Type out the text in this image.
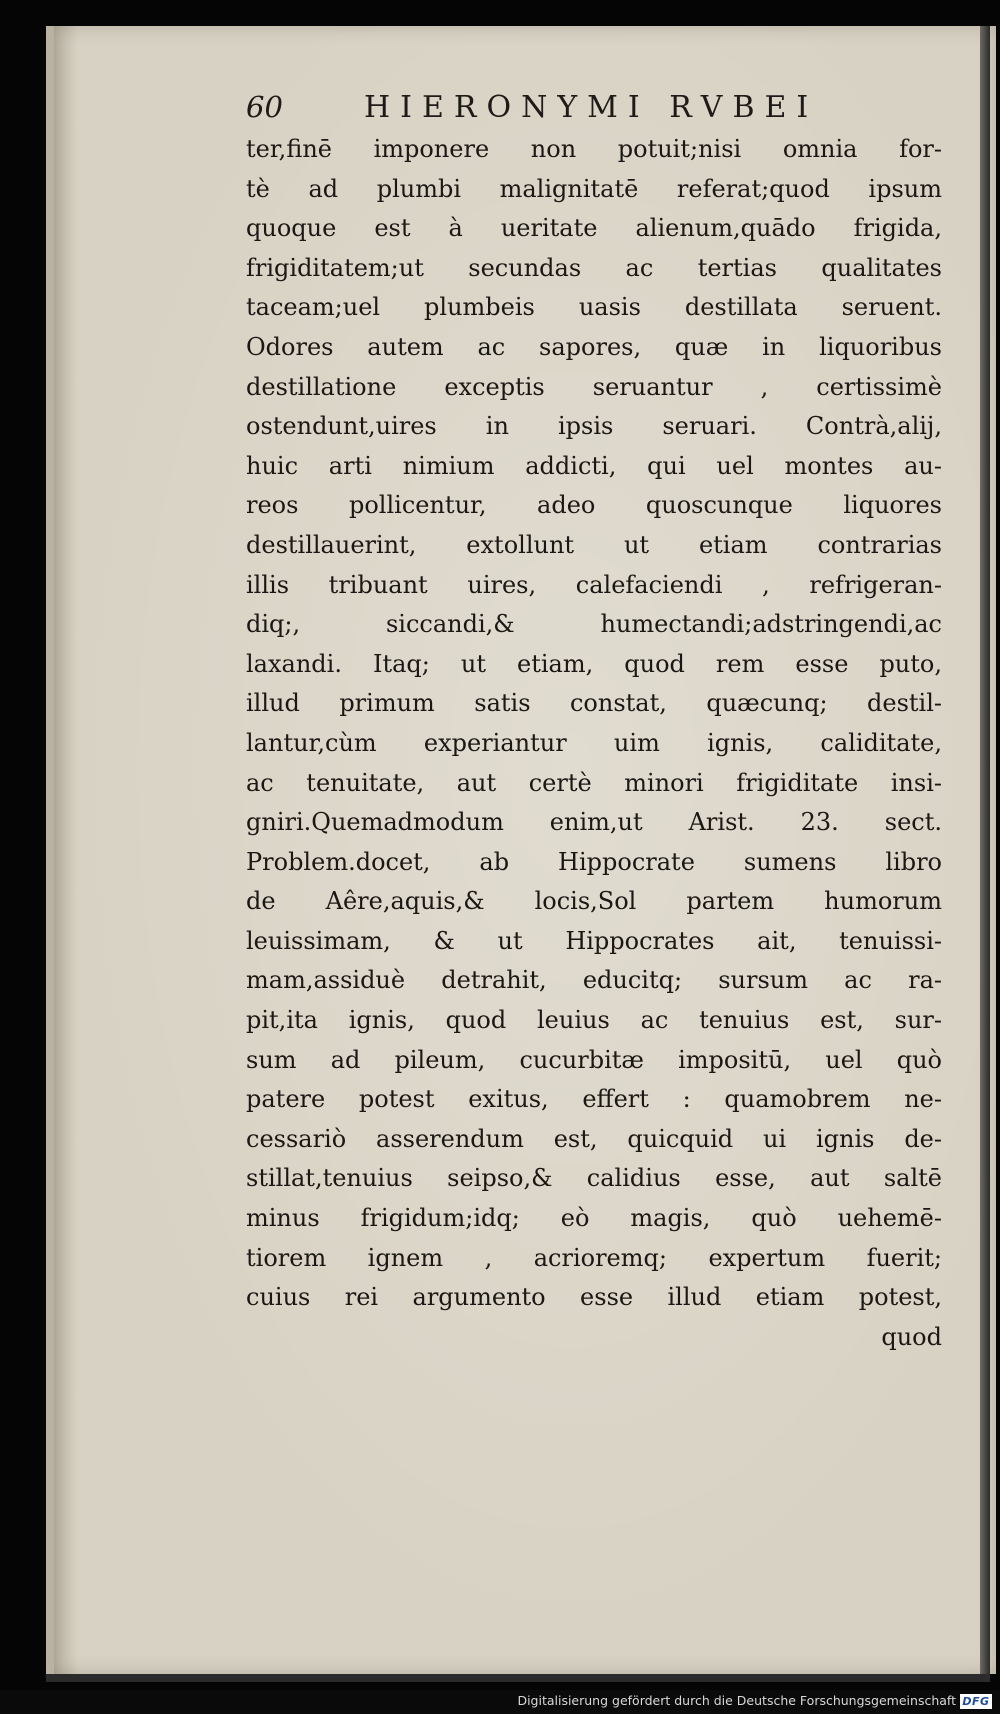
60	HIERONYMI RVBEI
ter,finē imponere non potuit;nisi omnia for-
tè ad plumbi malignitatē referat;quod ipsum
quoque est à ueritate alienum,quādo frigida,
frigiditatem;ut secundas ac tertias qualitates
taceam;uel plumbeis uasis destillata seruent.
Odores autem ac sapores, quæ in liquoribus
destillatione exceptis seruantur , certissimè
ostendunt,uires in ipsis seruari. Contrà,alij,
huic arti nimium addicti, qui uel montes au-
reos pollicentur, adeo quoscunque liquores
destillauerint, extollunt ut etiam contrarias
illis tribuant uires, calefaciendi , refrigeran-
diq;, siccandi,& humectandi;adstringendi,ac
laxandi. Itaq; ut etiam, quod rem esse puto,
illud primum satis constat, quæcunq; destil-
lantur,cùm experiantur uim ignis, caliditate,
ac tenuitate, aut certè minori frigiditate insi-
gniri.Quemadmodum enim,ut Arist. 23. sect.
Problem.docet, ab Hippocrate sumens libro
de Aêre,aquis,& locis,Sol partem humorum
leuissimam, & ut Hippocrates ait, tenuissi-
mam,assiduè detrahit, educitq; sursum ac ra-
pit,ita ignis, quod leuius ac tenuius est, sur-
sum ad pileum, cucurbitæ impositū, uel quò
patere potest exitus, effert : quamobrem ne-
cessariò asserendum est, quicquid ui ignis de-
stillat,tenuius seipso,& calidius esse, aut saltē
minus frigidum;idq; eò magis, quò uehemē-
tiorem ignem , acrioremq; expertum fuerit;
cuius rei argumento esse illud etiam potest,
quod
Digitalisierung gefördert durch die Deutsche Forschungsgemeinschaft DFG
